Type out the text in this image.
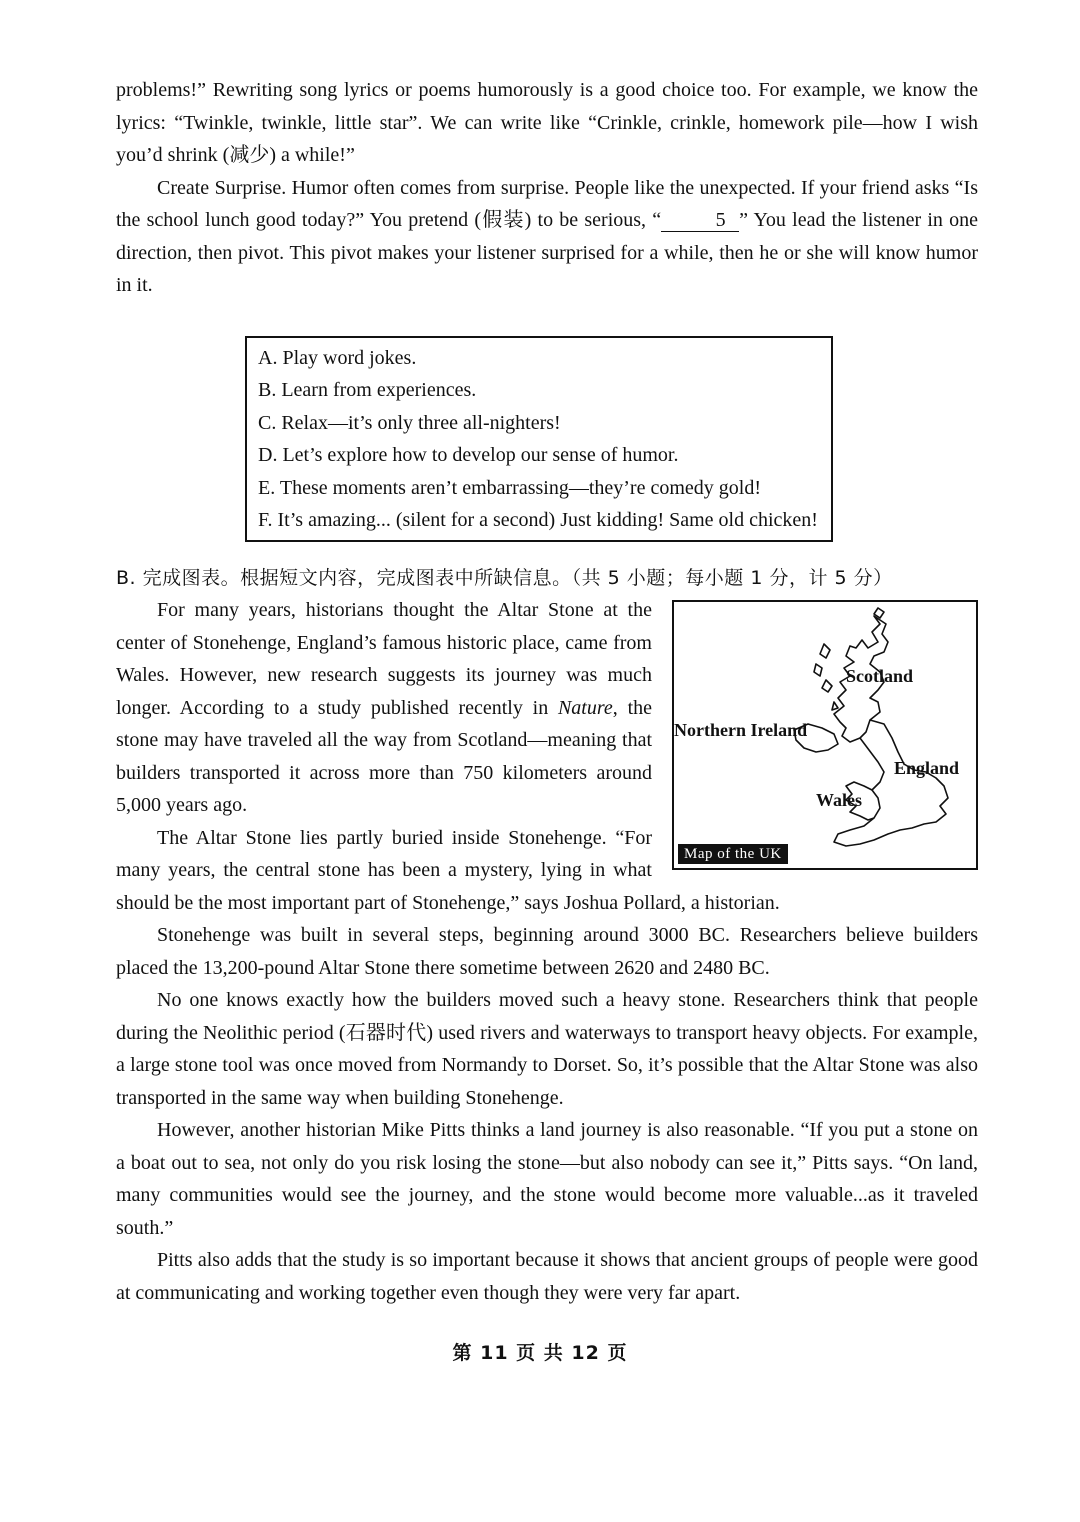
problems!” Rewriting song lyrics or poems humorously is a good choice too. For example, we know the lyrics: “Twinkle, twinkle, little star”. We can write like “Crinkle, crinkle, homework pile—how I wish you’d shrink (减少) a while!”

Create Surprise. Humor often comes from surprise. People like the unexpected. If your friend asks “Is the school lunch good today?” You pretend (假装) to be serious, “	5 ” You lead the listener in one direction, then pivot. This pivot makes your listener surprised for a while, then he or she will know humor in it.

A. Play word jokes.
B. Learn from experiences.
C. Relax—it’s only three all-nighters!
D. Let’s explore how to develop our sense of humor.
E. These moments aren’t embarrassing—they’re comedy gold!
F. It’s amazing... (silent for a second) Just kidding! Same old chicken!

B. 完成图表。根据短文内容，完成图表中所缺信息。（共 5 小题；每小题 1 分，计 5 分）

Scotland
Northern Ireland
England
Wales
Map of the UK

For many years, historians thought the Altar Stone at the center of Stonehenge, England’s famous historic place, came from Wales. However, new research suggests its journey was much longer. According to a study published recently in Nature, the stone may have traveled all the way from Scotland—meaning that builders transported it across more than 750 kilometers around 5,000 years ago.

The Altar Stone lies partly buried inside Stonehenge. “For many years, the central stone has been a mystery, lying in what should be the most important part of Stonehenge,” says Joshua Pollard, a historian.

Stonehenge was built in several steps, beginning around 3000 BC. Researchers believe builders placed the 13,200-pound Altar Stone there sometime between 2620 and 2480 BC.

No one knows exactly how the builders moved such a heavy stone. Researchers think that people during the Neolithic period (石器时代) used rivers and waterways to transport heavy objects. For example, a large stone tool was once moved from Normandy to Dorset. So, it’s possible that the Altar Stone was also transported in the same way when building Stonehenge.

However, another historian Mike Pitts thinks a land journey is also reasonable. “If you put a stone on a boat out to sea, not only do you risk losing the stone—but also nobody can see it,” Pitts says. “On land, many communities would see the journey, and the stone would become more valuable...as it traveled south.”

Pitts also adds that the study is so important because it shows that ancient groups of people were good at communicating and working together even though they were very far apart.

第 11 页 共 12 页
